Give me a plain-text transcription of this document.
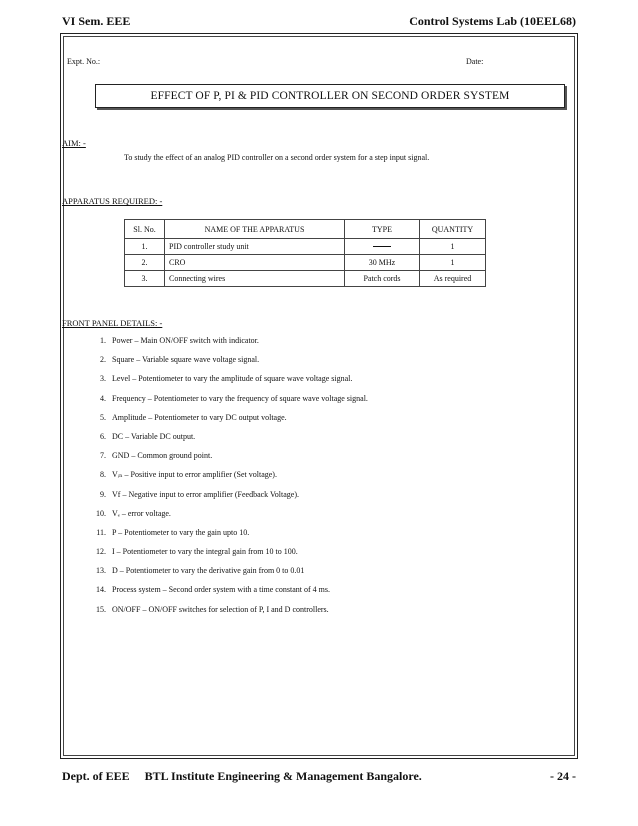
VI Sem. EEE	Control Systems Lab (10EEL68)
Expt. No.:	Date:
EFFECT OF P, PI & PID CONTROLLER ON SECOND ORDER SYSTEM
AIM: -
To study the effect of an analog PID controller on a second order system for a step input signal.
APPARATUS REQUIRED: -
Sl. No.	NAME OF THE APPARATUS	TYPE	QUANTITY
1.	PID controller study unit		1
2.	CRO	30 MHz	1
3.	Connecting wires	Patch cords	As required
FRONT PANEL DETAILS: -
1. Power – Main ON/OFF switch with indicator.
2. Square – Variable square wave voltage signal.
3. Level – Potentiometer to vary the amplitude of square wave voltage signal.
4. Frequency – Potentiometer to vary the frequency of square wave voltage signal.
5. Amplitude – Potentiometer to vary DC output voltage.
6. DC – Variable DC output.
7. GND – Common ground point.
8. Vᵢₙ – Positive input to error amplifier (Set voltage).
9. Vf – Negative input to error amplifier (Feedback Voltage).
10. Vₑ – error voltage.
11. P – Potentiometer to vary the gain upto 10.
12. I – Potentiometer to vary the integral gain from 10 to 100.
13. D – Potentiometer to vary the derivative gain from 0 to 0.01
14. Process system – Second order system with a time constant of 4 ms.
15. ON/OFF – ON/OFF switches for selection of P, I and D controllers.
Dept. of EEE     BTL Institute Engineering & Management Bangalore.	- 24 -
